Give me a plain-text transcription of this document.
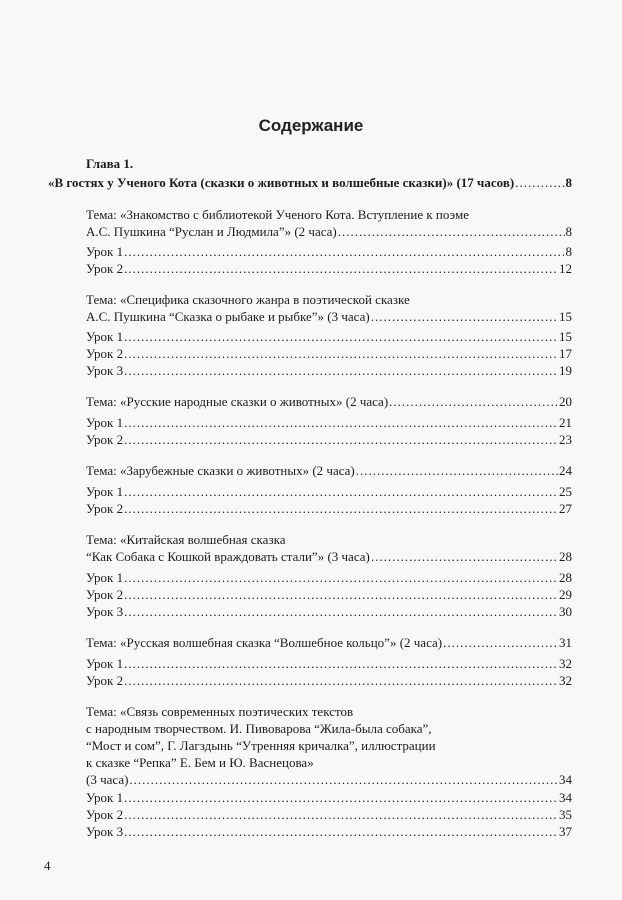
Содержание
Глава 1.
«В гостях у Ученого Кота (сказки о животных и волшебные сказки)» (17 часов) .....	8
Тема: «Знакомство с библиотекой Ученого Кота. Вступление к поэме
А.С. Пушкина “Руслан и Людмила”» (2 часа) .....	8
Урок 1 .....	8
Урок 2 .....	12
Тема: «Специфика сказочного жанра в поэтической сказке
А.С. Пушкина “Сказка о рыбаке и рыбке”» (3 часа) .....	15
Урок 1 .....	15
Урок 2 .....	17
Урок 3 .....	19
Тема: «Русские народные сказки о животных» (2 часа) .....	20
Урок 1 .....	21
Урок 2 .....	23
Тема: «Зарубежные сказки о животных» (2 часа) .....	24
Урок 1 .....	25
Урок 2 .....	27
Тема: «Китайская волшебная сказка
“Как Собака с Кошкой враждовать стали”» (3 часа) .....	28
Урок 1 .....	28
Урок 2 .....	29
Урок 3 .....	30
Тема: «Русская волшебная сказка “Волшебное кольцо”» (2 часа) .....	31
Урок 1 .....	32
Урок 2 .....	32
Тема: «Связь современных поэтических текстов
с народным творчеством. И. Пивоварова “Жила-была собака”,
“Мост и сом”, Г. Лагздынь “Утренняя кричалка”, иллюстрации
к сказке “Репка” Е. Бем и Ю. Васнецова»
(3 часа) .....	34
Урок 1 .....	34
Урок 2 .....	35
Урок 3 .....	37
4
